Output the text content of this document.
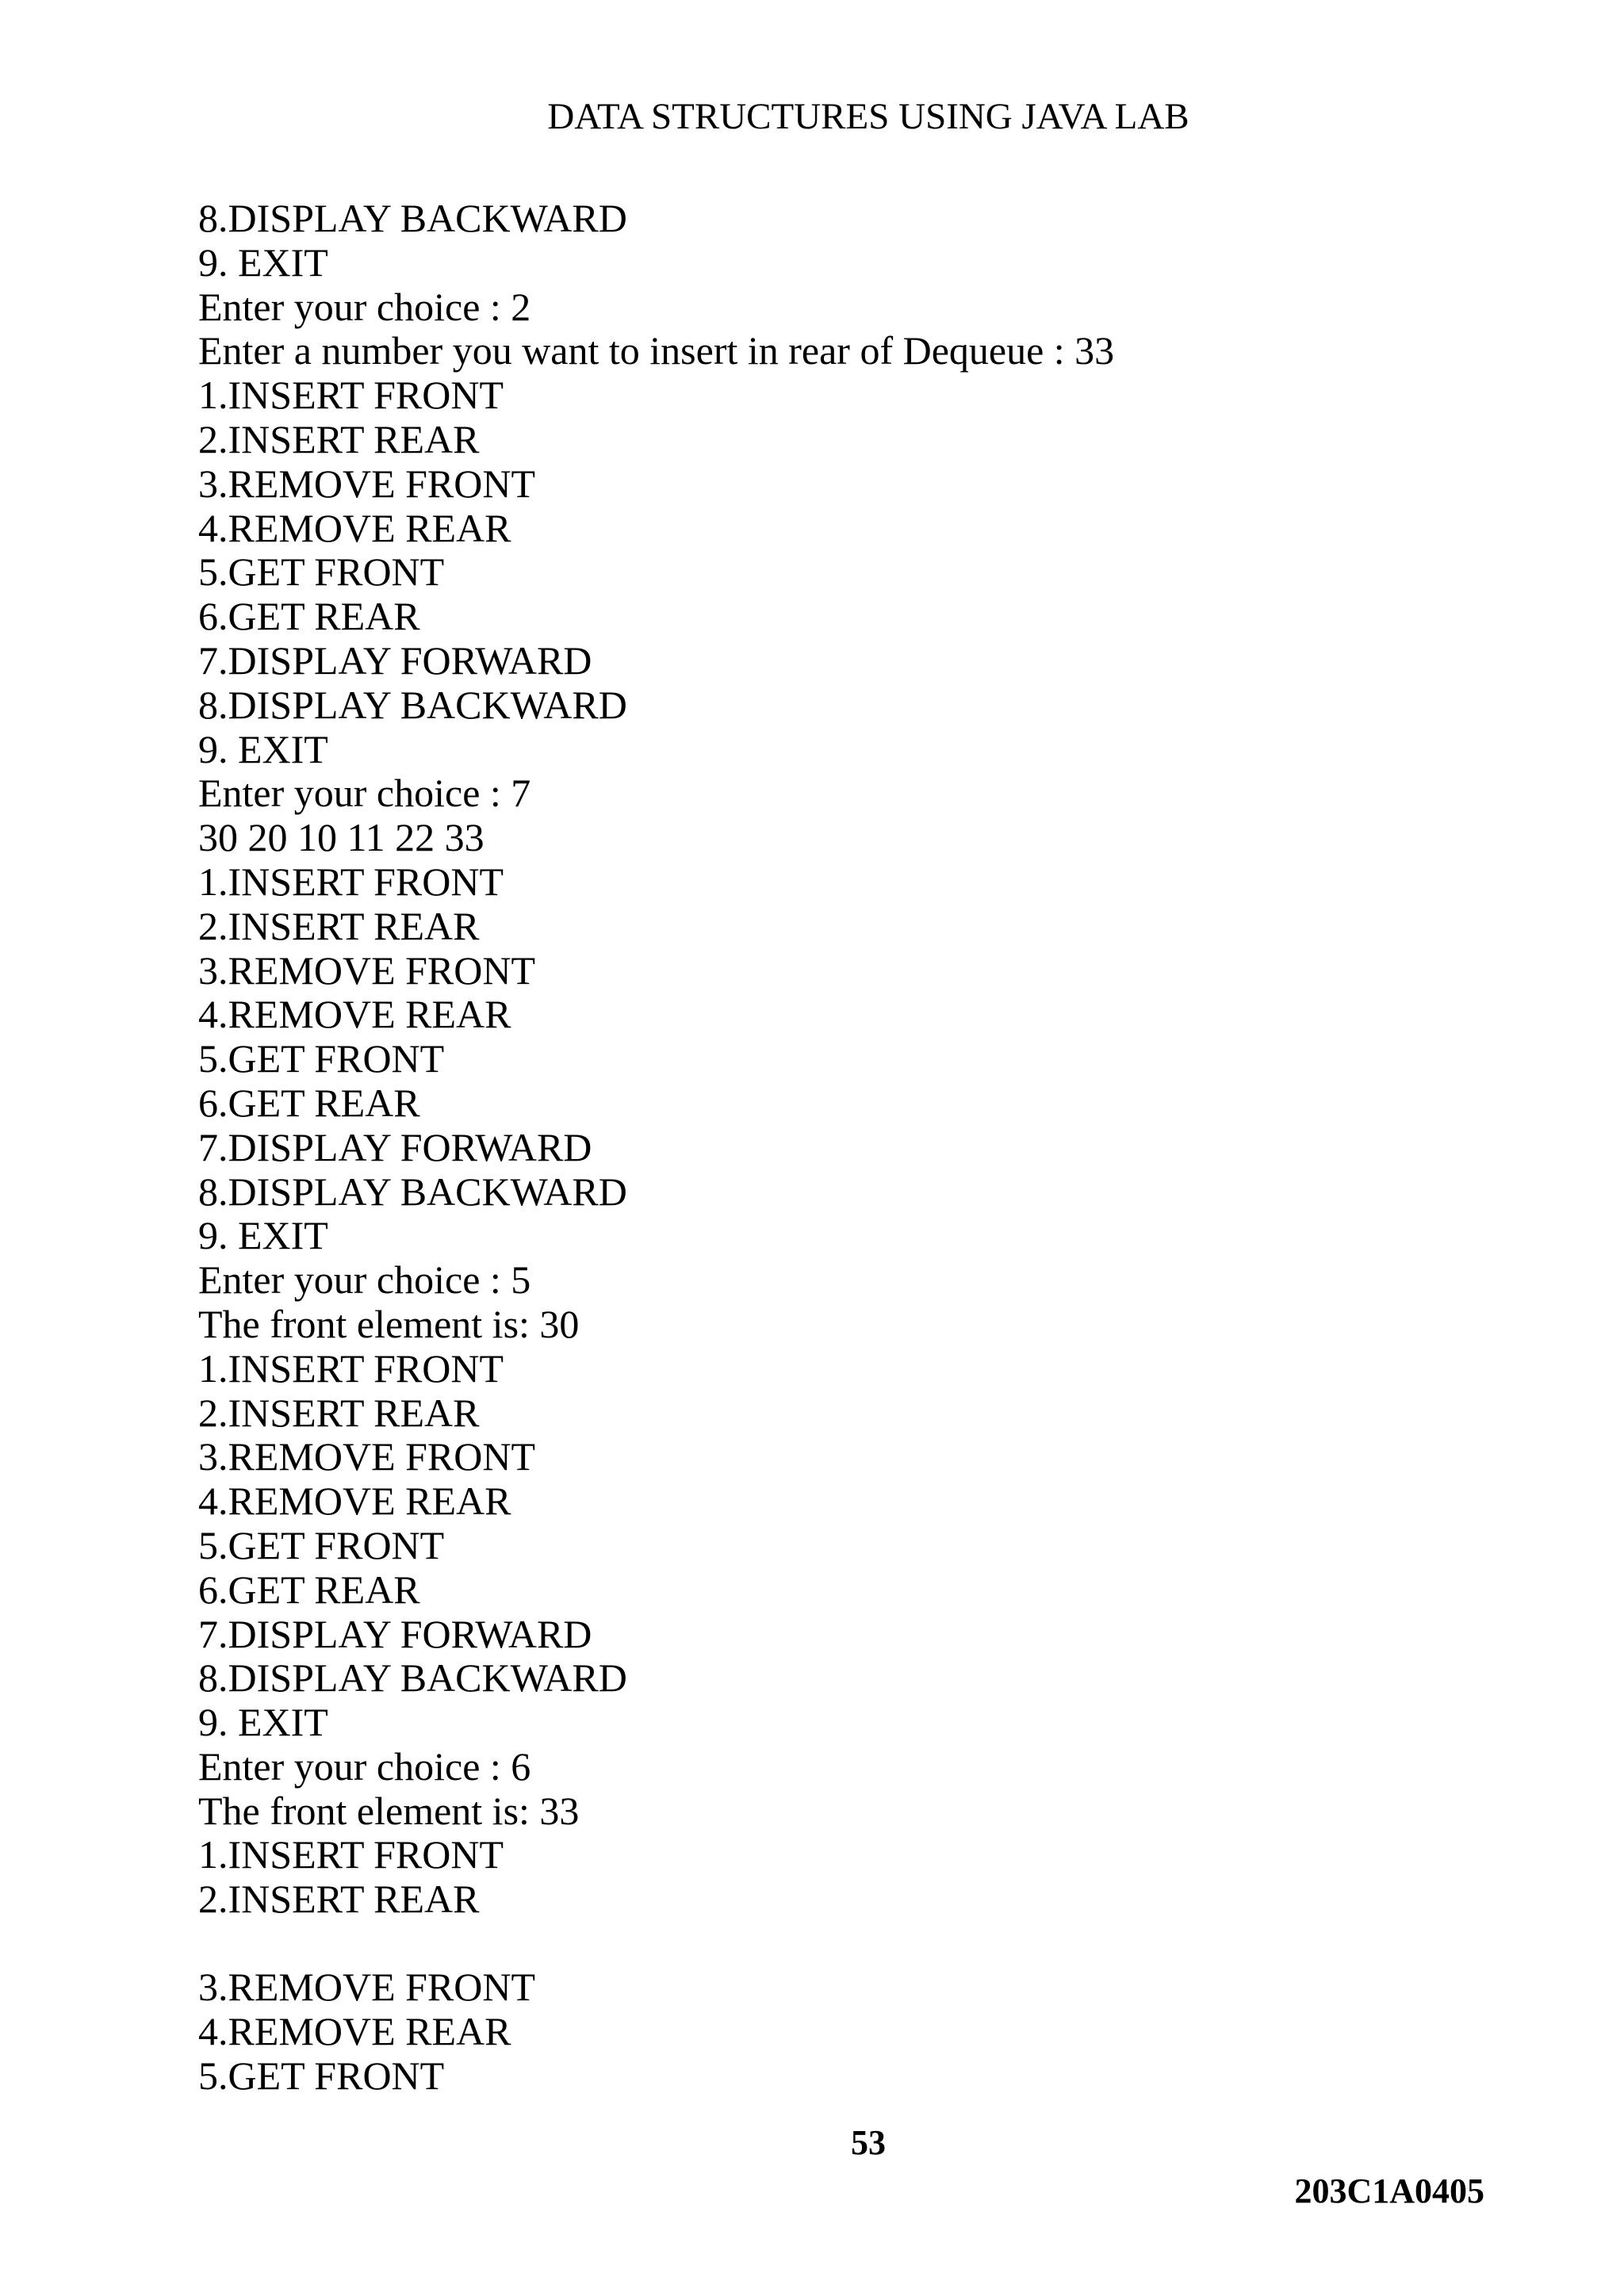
DATA STRUCTURES USING JAVA LAB
8.DISPLAY BACKWARD
9. EXIT
Enter your choice : 2
Enter a number you want to insert in rear of Dequeue : 33
1.INSERT FRONT
2.INSERT REAR
3.REMOVE FRONT
4.REMOVE REAR
5.GET FRONT
6.GET REAR
7.DISPLAY FORWARD
8.DISPLAY BACKWARD
9. EXIT
Enter your choice : 7
30 20 10 11 22 33
1.INSERT FRONT
2.INSERT REAR
3.REMOVE FRONT
4.REMOVE REAR
5.GET FRONT
6.GET REAR
7.DISPLAY FORWARD
8.DISPLAY BACKWARD
9. EXIT
Enter your choice : 5
The front element is: 30
1.INSERT FRONT
2.INSERT REAR
3.REMOVE FRONT
4.REMOVE REAR
5.GET FRONT
6.GET REAR
7.DISPLAY FORWARD
8.DISPLAY BACKWARD
9. EXIT
Enter your choice : 6
The front element is: 33
1.INSERT FRONT
2.INSERT REAR
3.REMOVE FRONT
4.REMOVE REAR
5.GET FRONT
53
203C1A0405
